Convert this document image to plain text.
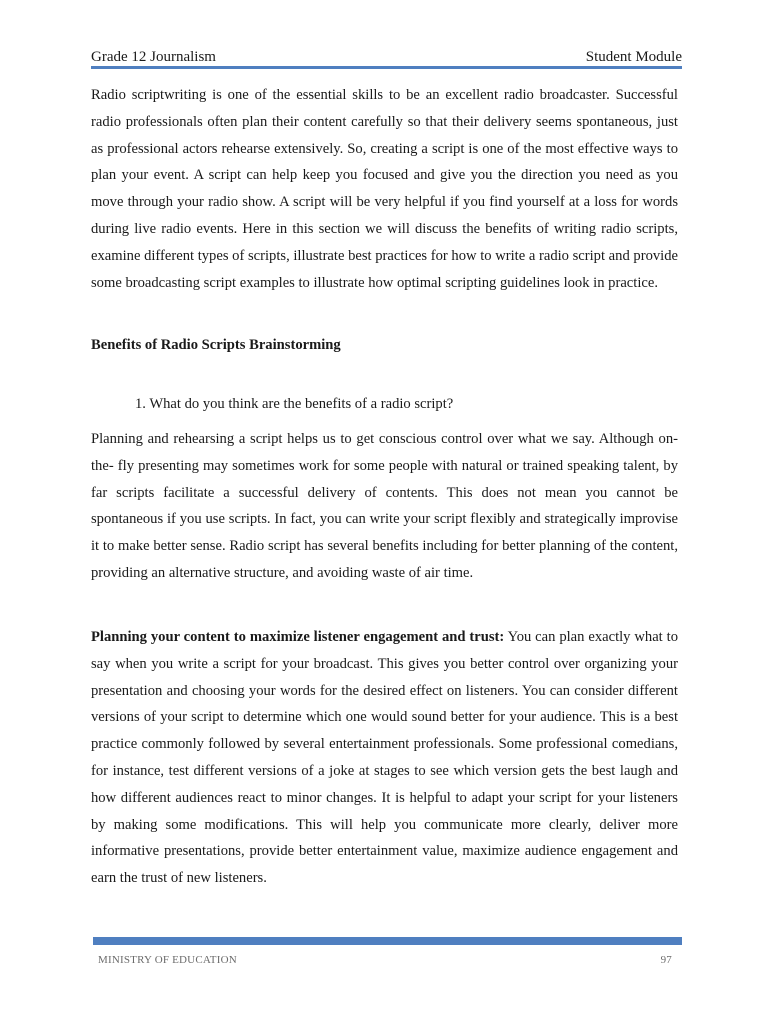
Grade 12 Journalism	Student Module

Radio scriptwriting is one of the essential skills to be an excellent radio broadcaster. Successful radio professionals often plan their content carefully so that their delivery seems spontaneous, just as professional actors rehearse extensively. So, creating a script is one of the most effective ways to plan your event. A script can help keep you focused and give you the direction you need as you move through your radio show. A script will be very helpful if you find yourself at a loss for words during live radio events. Here in this section we will discuss the benefits of writing radio scripts, examine different types of scripts, illustrate best practices for how to write a radio script and provide some broadcasting script examples to illustrate how optimal scripting guidelines look in practice.

Benefits of Radio Scripts Brainstorming

1. What do you think are the benefits of a radio script?

Planning and rehearsing a script helps us to get conscious control over what we say. Although on-the- fly presenting may sometimes work for some people with natural or trained speaking talent, by far scripts facilitate a successful delivery of contents. This does not mean you cannot be spontaneous if you use scripts. In fact, you can write your script flexibly and strategically improvise it to make better sense. Radio script has several benefits including for better planning of the content, providing an alternative structure, and avoiding waste of air time.

Planning your content to maximize listener engagement and trust: You can plan exactly what to say when you write a script for your broadcast. This gives you better control over organizing your presentation and choosing your words for the desired effect on listeners. You can consider different versions of your script to determine which one would sound better for your audience. This is a best practice commonly followed by several entertainment professionals. Some professional comedians, for instance, test different versions of a joke at stages to see which version gets the best laugh and how different audiences react to minor changes. It is helpful to adapt your script for your listeners by making some modifications. This will help you communicate more clearly, deliver more informative presentations, provide better entertainment value, maximize audience engagement and earn the trust of new listeners.

MINISTRY OF EDUCATION	97
